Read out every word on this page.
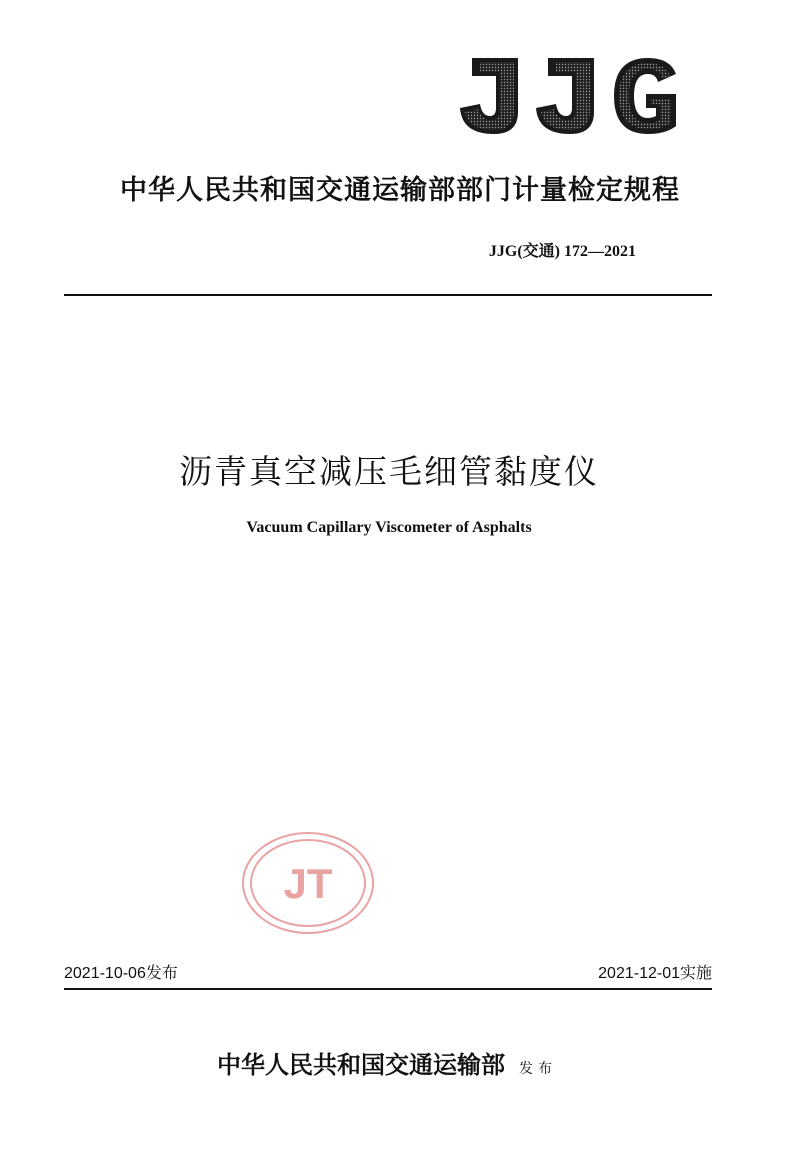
中华人民共和国交通运输部部门计量检定规程
JJG(交通) 172—2021
沥青真空减压毛细管黏度仪
Vacuum Capillary Viscometer of Asphalts
JT
2021-10-06发布	2021-12-01实施
中华人民共和国交通运输部 发布
